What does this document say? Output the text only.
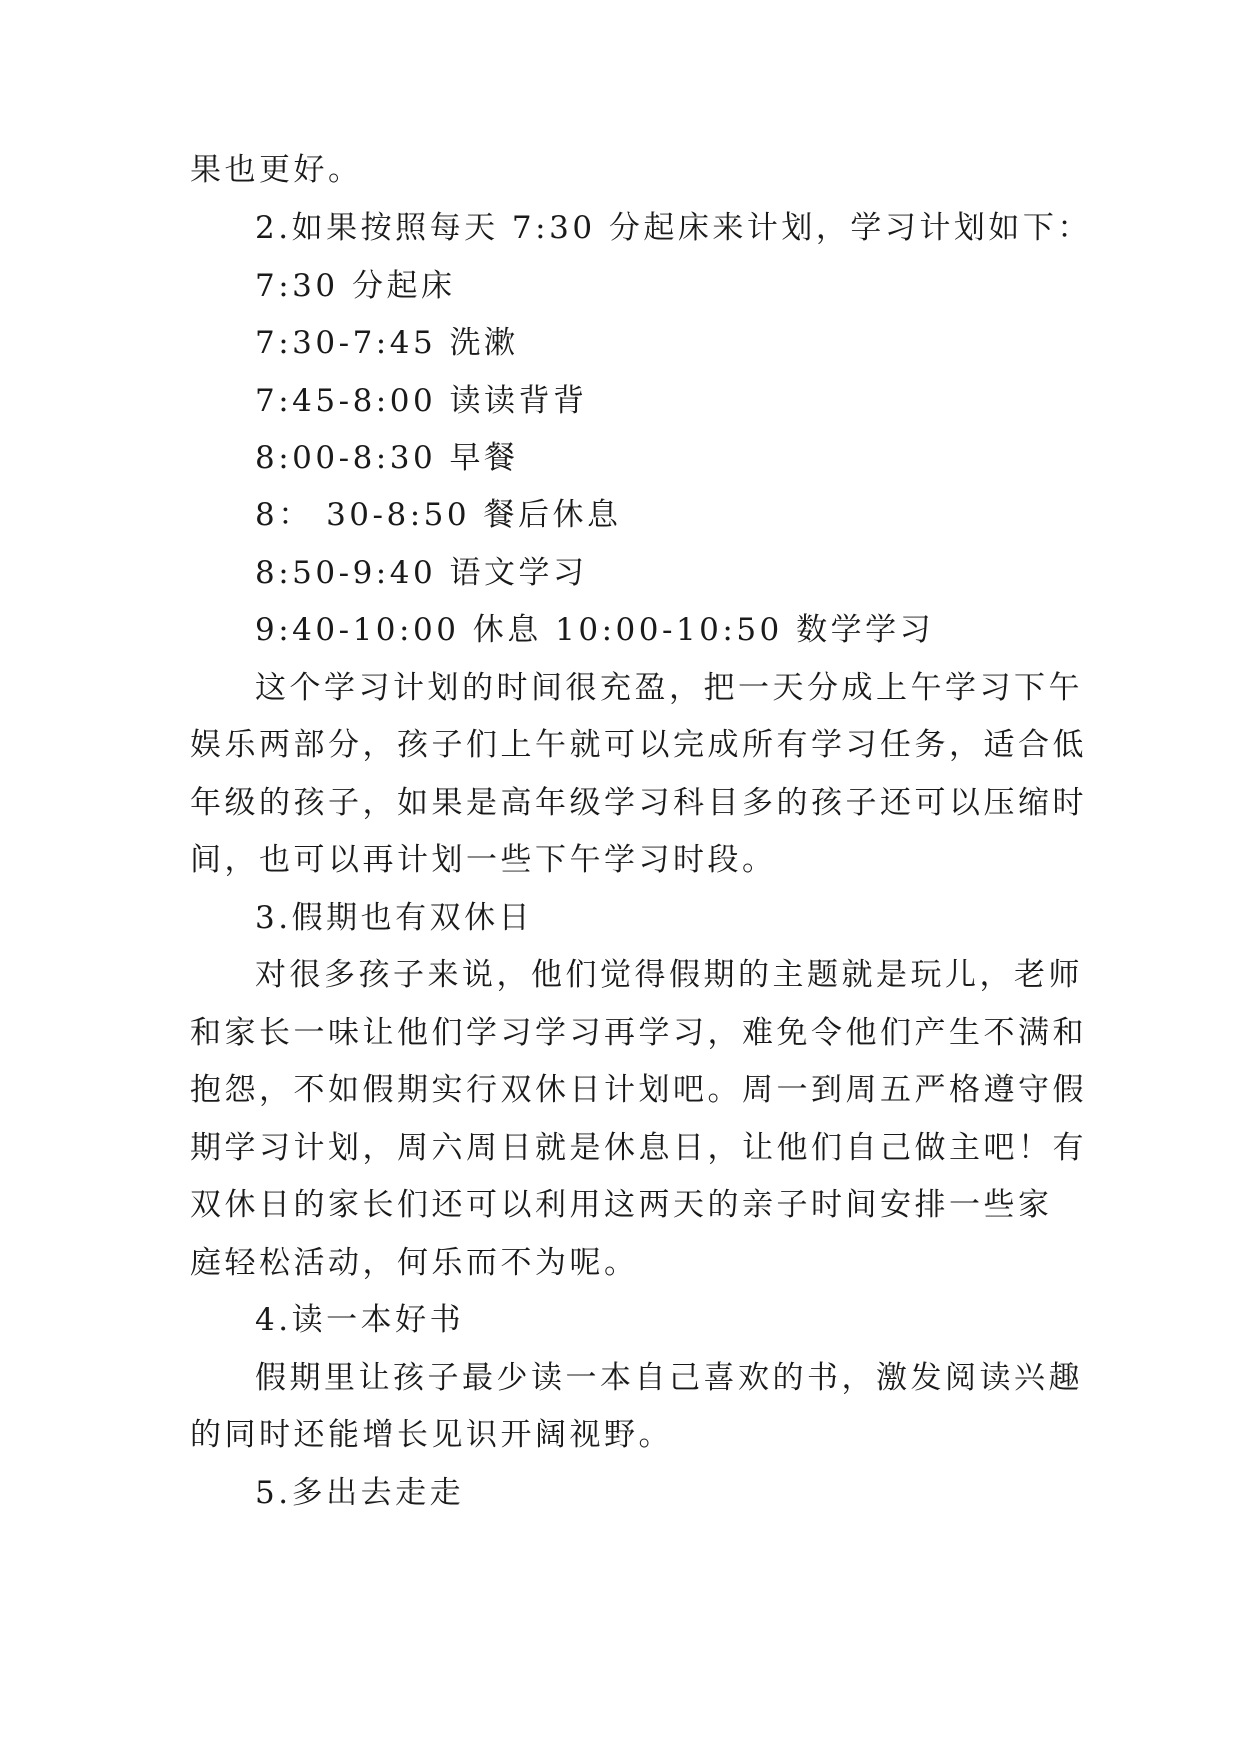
果也更好。
2.如果按照每天 7:30 分起床来计划，学习计划如下：
7:30 分起床
7:30-7:45 洗漱
7:45-8:00 读读背背
8:00-8:30 早餐
8： 30-8:50 餐后休息
8:50-9:40 语文学习
9:40-10:00 休息 10:00-10:50 数学学习
这个学习计划的时间很充盈，把一天分成上午学习下午
娱乐两部分，孩子们上午就可以完成所有学习任务，适合低
年级的孩子，如果是高年级学习科目多的孩子还可以压缩时
间，也可以再计划一些下午学习时段。
3.假期也有双休日
对很多孩子来说，他们觉得假期的主题就是玩儿，老师
和家长一味让他们学习学习再学习，难免令他们产生不满和
抱怨，不如假期实行双休日计划吧。周一到周五严格遵守假
期学习计划，周六周日就是休息日，让他们自己做主吧！有
双休日的家长们还可以利用这两天的亲子时间安排一些家
庭轻松活动，何乐而不为呢。
4.读一本好书
假期里让孩子最少读一本自己喜欢的书，激发阅读兴趣
的同时还能增长见识开阔视野。
5.多出去走走
